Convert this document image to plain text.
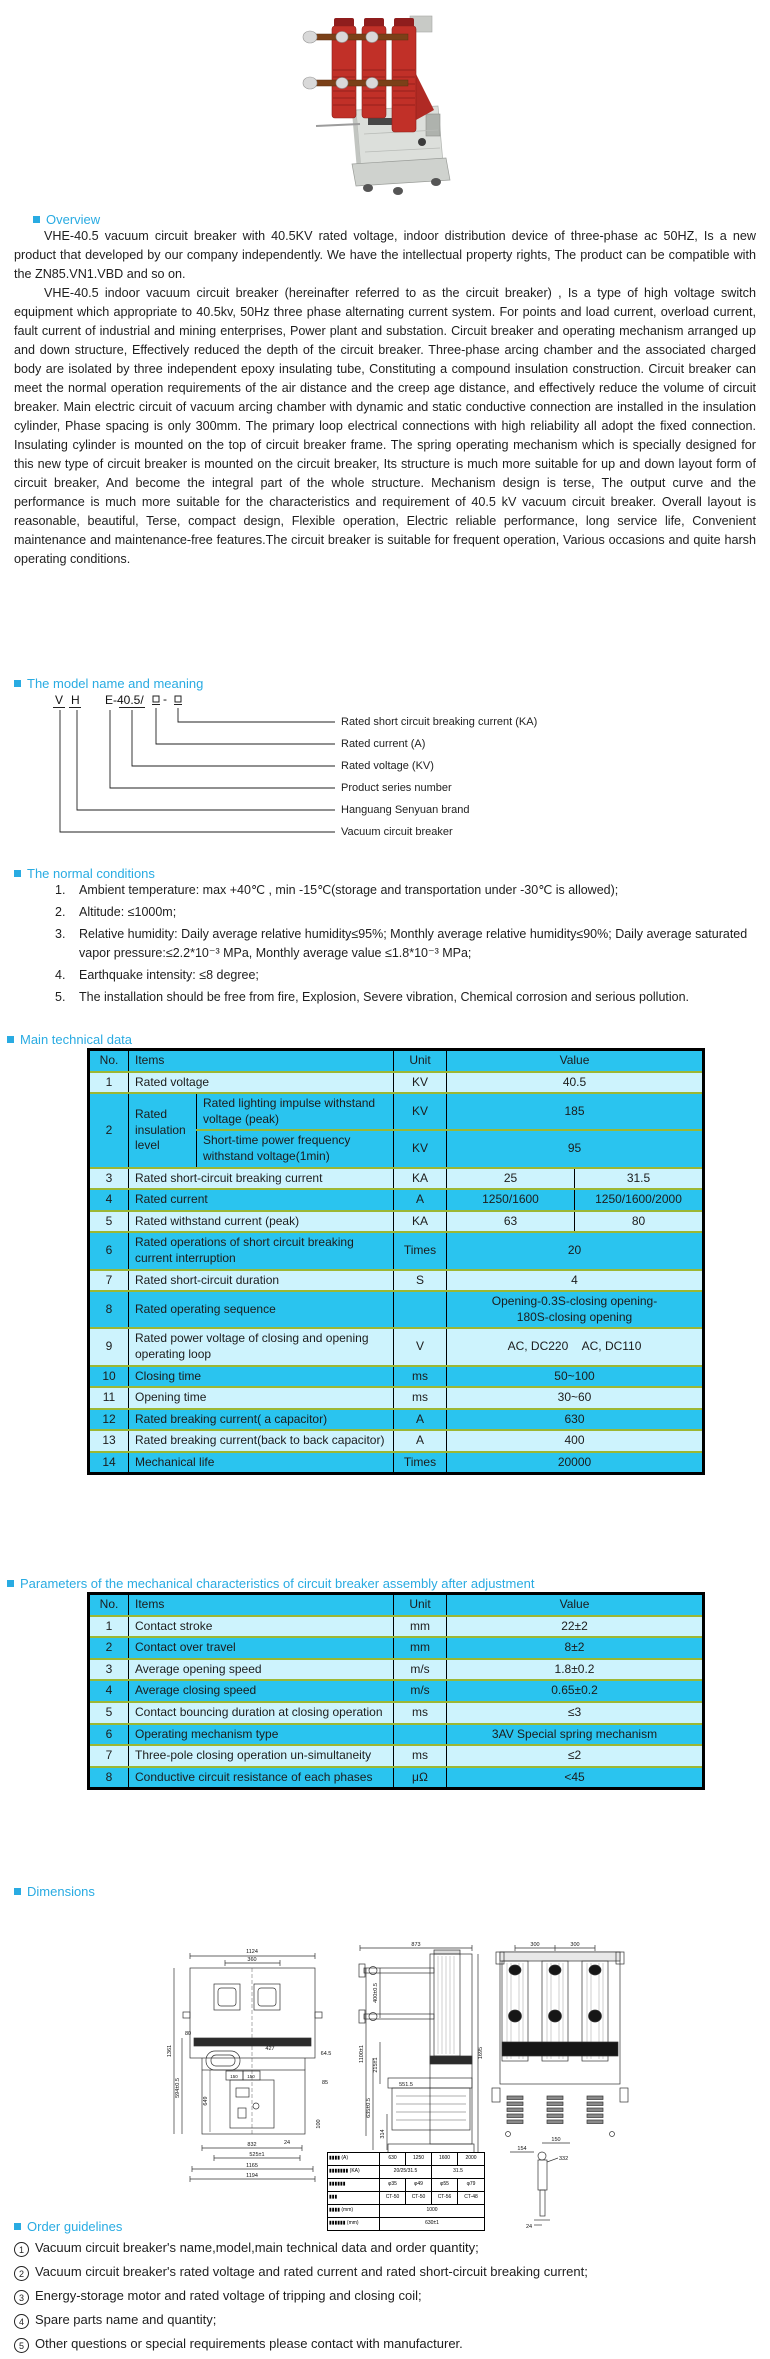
Overview

VHE-40.5 vacuum circuit breaker with 40.5KV rated voltage, indoor distribution device of three-phase ac 50HZ, Is a new product that developed by our company independently. We have the intellectual property rights, The product can be compatible with the ZN85.VN1.VBD and so on.

VHE-40.5 indoor vacuum circuit breaker (hereinafter referred to as the circuit breaker) , Is a type of high voltage switch equipment which appropriate to 40.5kv, 50Hz three phase alternating current system. For points and load current, overload current, fault current of industrial and mining enterprises, Power plant and substation. Circuit breaker and operating mechanism arranged up and down structure, Effectively reduced the depth of the circuit breaker. Three-phase arcing chamber and the associated charged body are isolated by three independent epoxy insulating tube, Constituting a compound insulation construction. Circuit breaker can meet the normal operation requirements of the air distance and the creep age distance, and effectively reduce the volume of circuit breaker. Main electric circuit of vacuum arcing chamber with dynamic and static conductive connection are installed in the insulation cylinder, Phase spacing is only 300mm. The primary loop electrical connections with high reliability all adopt the fixed connection. Insulating cylinder is mounted on the top of circuit breaker frame. The spring operating mechanism which is specially designed for this new type of circuit breaker is mounted on the circuit breaker, Its structure is much more suitable for up and down layout form of circuit breaker, And become the integral part of the whole structure. Mechanism design is terse, The output curve and the performance is much more suitable for the characteristics and requirement of 40.5 kV vacuum circuit breaker. Overall layout is reasonable, beautiful, Terse, compact design, Flexible operation, Electric reliable performance, long service life, Convenient maintenance and maintenance-free features.The circuit breaker is suitable for frequent operation, Various occasions and quite harsh operating conditions.

The model name and meaning
V H E-40.5/ -
Rated short circuit breaking current (KA)
Rated current (A)
Rated voltage (KV)
Product series number
Hanguang Senyuan brand
Vacuum circuit breaker
The normal conditions
1.	Ambient temperature: max +40℃ , min -15℃(storage and transportation under -30℃ is allowed);
2.	Altitude: ≤1000m;
3.	Relative humidity: Daily average relative humidity≤95%; Monthly average relative humidity≤90%; Daily average saturated vapor pressure:≤2.2*10⁻³ MPa, Monthly average value ≤1.8*10⁻³ MPa;
4.	Earthquake intensity: ≤8 degree;
5.	The installation should be free from fire, Explosion, Severe vibration, Chemical corrosion and serious pollution.
Main technical data
No.	Items		Unit	Value	
1	Rated voltage		KV	40.5	
2	Rated insulation level	Rated lighting impulse withstand voltage (peak)	KV	185	
		Short-time power frequency withstand voltage(1min)	KV	95	
3	Rated short-circuit breaking current		KA	25	31.5
4	Rated current		A	1250/1600	1250/1600/2000
5	Rated withstand current (peak)		KA	63	80
6	Rated operations of short circuit breaking current interruption		Times	20	
7	Rated short-circuit duration		S	4	
8	Rated operating sequence			Opening-0.3S-closing opening-180S-closing opening	
9	Rated power voltage of closing and opening operating loop		V	AC, DC220    AC, DC110	
10	Closing time		ms	50~100	
11	Opening time		ms	30~60	
12	Rated breaking current( a capacitor)		A	630	
13	Rated breaking current(back to back capacitor)		A	400	
14	Mechanical life		Times	20000	
Parameters of the mechanical characteristics of circuit breaker assembly after adjustment
No.	Items	Unit	Value
1	Contact stroke	mm	22±2
2	Contact over travel	mm	8±2
3	Average opening speed	m/s	1.8±0.2
4	Average closing speed	m/s	0.65±0.2
5	Contact bouncing duration at closing operation	ms	≤3
6	Operating mechanism type		3AV Special spring mechanism
7	Three-pole closing operation un-simultaneity	ms	≤2
8	Conductive circuit resistance of each phases	μΩ	<45
Dimensions
1124
360
1361
594±0.5
649
80
427
150 150
64.5
85
100
24
832
525±1
1165
1194
873
400±0.5
215±1
1100±1
635±0.5
551.5
314
1695
300	300
150
154
332
24
▮▮▮▮ (A)	630	1250	1600	2000
▮▮▮▮▮▮▮ (KA)	20/25/31.5		31.5	
▮▮▮▮▮▮	φ35	φ49	φ55	φ79
▮▮▮	CT-50	CT-50	CT-56	CT-48
▮▮▮▮ (mm)	1000			
▮▮▮▮▮▮ (mm)	630±1			
Order guidelines
1 Vacuum circuit breaker's name,model,main technical data and order quantity;
2 Vacuum circuit breaker's rated voltage and rated current and rated short-circuit breaking current;
3 Energy-storage motor and rated voltage of tripping and closing coil;
4 Spare parts name and quantity;
5 Other questions or special requirements please contact with manufacturer.
